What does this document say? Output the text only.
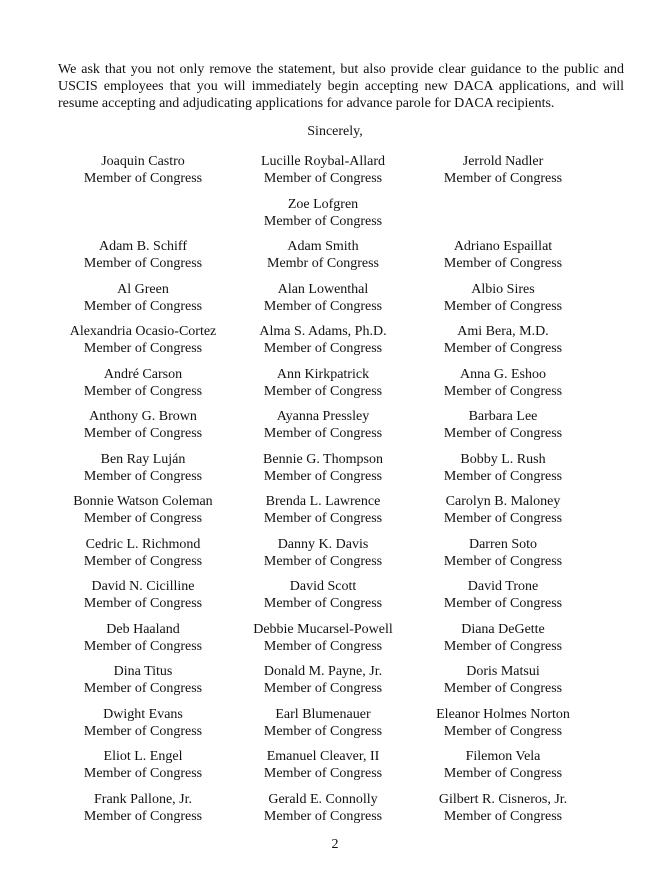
We ask that you not only remove the statement, but also provide clear guidance to the public and USCIS employees that you will immediately begin accepting new DACA applications, and will resume accepting and adjudicating applications for advance parole for DACA recipients.

Sincerely,
Joaquin Castro
Member of Congress
Lucille Roybal-Allard
Member of Congress
Jerrold Nadler
Member of Congress
Zoe Lofgren
Member of Congress
Adam B. Schiff
Member of Congress
Adam Smith
Membr of Congress
Adriano Espaillat
Member of Congress
Al Green
Member of Congress
Alan Lowenthal
Member of Congress
Albio Sires
Member of Congress
Alexandria Ocasio-Cortez
Member of Congress
Alma S. Adams, Ph.D.
Member of Congress
Ami Bera, M.D.
Member of Congress
André Carson
Member of Congress
Ann Kirkpatrick
Member of Congress
Anna G. Eshoo
Member of Congress
Anthony G. Brown
Member of Congress
Ayanna Pressley
Member of Congress
Barbara Lee
Member of Congress
Ben Ray Luján
Member of Congress
Bennie G. Thompson
Member of Congress
Bobby L. Rush
Member of Congress
Bonnie Watson Coleman
Member of Congress
Brenda L. Lawrence
Member of Congress
Carolyn B. Maloney
Member of Congress
Cedric L. Richmond
Member of Congress
Danny K. Davis
Member of Congress
Darren Soto
Member of Congress
David N. Cicilline
Member of Congress
David Scott
Member of Congress
David Trone
Member of Congress
Deb Haaland
Member of Congress
Debbie Mucarsel-Powell
Member of Congress
Diana DeGette
Member of Congress
Dina Titus
Member of Congress
Donald M. Payne, Jr.
Member of Congress
Doris Matsui
Member of Congress
Dwight Evans
Member of Congress
Earl Blumenauer
Member of Congress
Eleanor Holmes Norton
Member of Congress
Eliot L. Engel
Member of Congress
Emanuel Cleaver, II
Member of Congress
Filemon Vela
Member of Congress
Frank Pallone, Jr.
Member of Congress
Gerald E. Connolly
Member of Congress
Gilbert R. Cisneros, Jr.
Member of Congress
2
